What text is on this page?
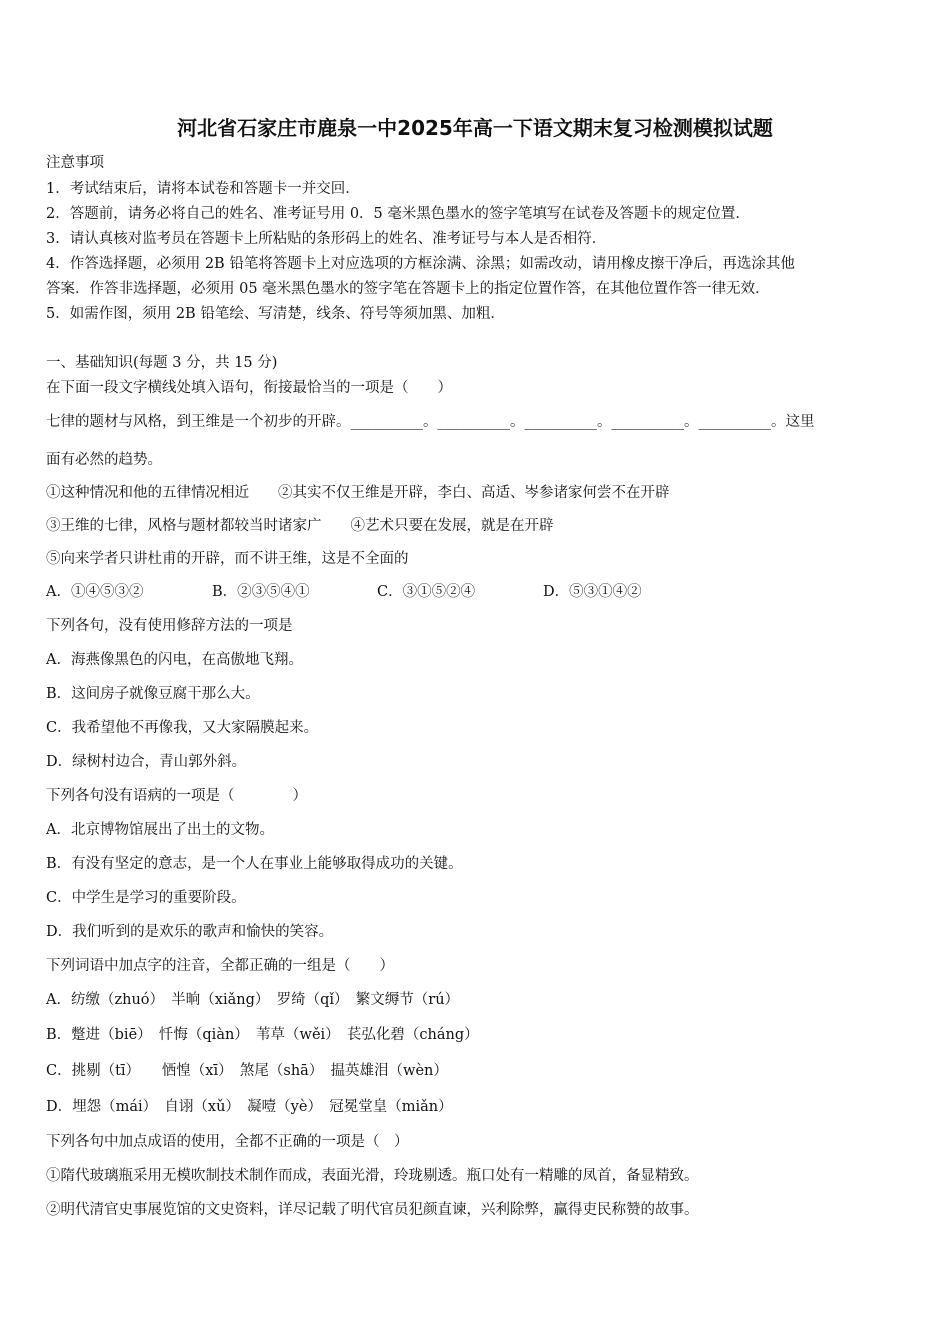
河北省石家庄市鹿泉一中2025年高一下语文期末复习检测模拟试题
注意事项
1．考试结束后，请将本试卷和答题卡一并交回．
2．答题前，请务必将自己的姓名、准考证号用 0．5 毫米黑色墨水的签字笔填写在试卷及答题卡的规定位置．
3．请认真核对监考员在答题卡上所粘贴的条形码上的姓名、准考证号与本人是否相符．
4．作答选择题，必须用 2B 铅笔将答题卡上对应选项的方框涂满、涂黑；如需改动，请用橡皮擦干净后，再选涂其他
答案．作答非选择题，必须用 05 毫米黑色墨水的签字笔在答题卡上的指定位置作答，在其他位置作答一律无效．
5．如需作图，须用 2B 铅笔绘、写清楚，线条、符号等须加黑、加粗．
一、基础知识(每题 3 分，共 15 分)
在下面一段文字横线处填入语句，衔接最恰当的一项是（　　）
七律的题材与风格，到王维是一个初步的开辟。__________。__________。__________。__________。__________。这里
面有必然的趋势。
①这种情况和他的五律情况相近　　②其实不仅王维是开辟，李白、高适、岑参诸家何尝不在开辟
③王维的七律，风格与题材都较当时诸家广　　④艺术只要在发展，就是在开辟
⑤向来学者只讲杜甫的开辟，而不讲王维，这是不全面的
A．①④⑤③②	B．②③⑤④①	C．③①⑤②④	D．⑤③①④②
下列各句，没有使用修辞方法的一项是
A．海燕像黑色的闪电，在高傲地飞翔。
B．这间房子就像豆腐干那么大。
C．我希望他不再像我，又大家隔膜起来。
D．绿树村边合，青山郭外斜。
下列各句没有语病的一项是（　　　　）
A．北京博物馆展出了出土的文物。
B．有没有坚定的意志，是一个人在事业上能够取得成功的关键。
C．中学生是学习的重要阶段。
D．我们听到的是欢乐的歌声和愉快的笑容。
下列词语中加点字的注音，全都正确的一组是（　　）
A．纺缴（zhuó）　半晌（xiǎng）　罗绮（qǐ）　繁文缛节（rú）
B．蹩进（biē）　忏悔（qiàn）　苇草（wěi）　苌弘化碧（cháng）
C．挑剔（tī）　　恓惶（xī）　煞尾（shā）　揾英雄泪（wèn）
D．埋怨（mái）　自诩（xǔ）　凝噎（yè）　冠冕堂皇（miǎn）
下列各句中加点成语的使用，全都不正确的一项是（　）
①隋代玻璃瓶采用无模吹制技术制作而成，表面光滑，玲珑剔透。瓶口处有一精雕的凤首，备显精致。
②明代清官史事展览馆的文史资料，详尽记载了明代官员犯颜直谏，兴利除弊，赢得吏民称赞的故事。
